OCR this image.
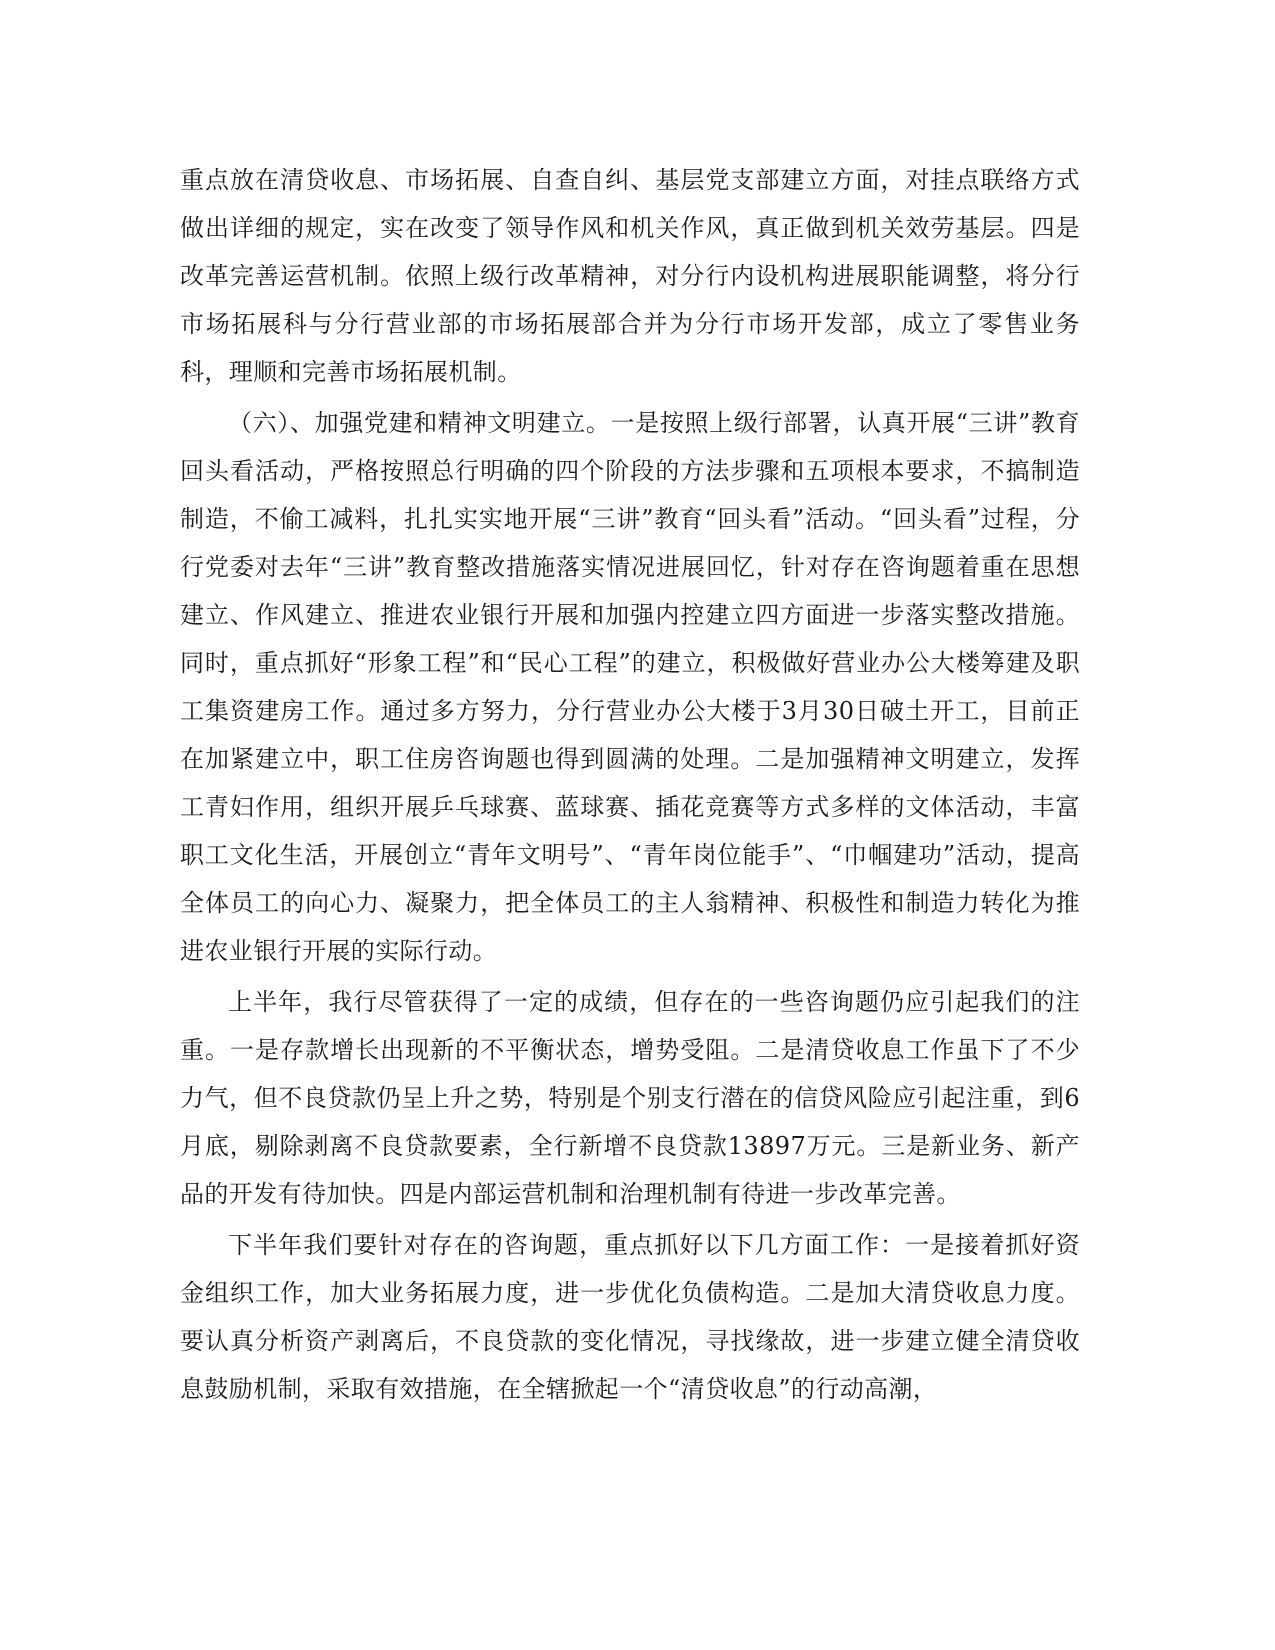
重点放在清贷收息、市场拓展、自查自纠、基层党支部建立方面，对挂点联络方式做出详细的规定，实在改变了领导作风和机关作风，真正做到机关效劳基层。四是改革完善运营机制。依照上级行改革精神，对分行内设机构进展职能调整，将分行市场拓展科与分行营业部的市场拓展部合并为分行市场开发部，成立了零售业务科，理顺和完善市场拓展机制。

（六）、加强党建和精神文明建立。一是按照上级行部署，认真开展“三讲”教育回头看活动，严格按照总行明确的四个阶段的方法步骤和五项根本要求，不搞制造制造，不偷工减料，扎扎实实地开展“三讲”教育“回头看”活动。“回头看”过程，分行党委对去年“三讲”教育整改措施落实情况进展回忆，针对存在咨询题着重在思想建立、作风建立、推进农业银行开展和加强内控建立四方面进一步落实整改措施。同时，重点抓好“形象工程”和“民心工程”的建立，积极做好营业办公大楼筹建及职工集资建房工作。通过多方努力，分行营业办公大楼于3月30日破土开工，目前正在加紧建立中，职工住房咨询题也得到圆满的处理。二是加强精神文明建立，发挥工青妇作用，组织开展乒乓球赛、蓝球赛、插花竞赛等方式多样的文体活动，丰富职工文化生活，开展创立“青年文明号”、“青年岗位能手”、“巾帼建功”活动，提高全体员工的向心力、凝聚力，把全体员工的主人翁精神、积极性和制造力转化为推进农业银行开展的实际行动。

上半年，我行尽管获得了一定的成绩，但存在的一些咨询题仍应引起我们的注重。一是存款增长出现新的不平衡状态，增势受阻。二是清贷收息工作虽下了不少力气，但不良贷款仍呈上升之势，特别是个别支行潜在的信贷风险应引起注重，到6月底，剔除剥离不良贷款要素，全行新增不良贷款13897万元。三是新业务、新产品的开发有待加快。四是内部运营机制和治理机制有待进一步改革完善。

下半年我们要针对存在的咨询题，重点抓好以下几方面工作：一是接着抓好资金组织工作，加大业务拓展力度，进一步优化负债构造。二是加大清贷收息力度。要认真分析资产剥离后，不良贷款的变化情况，寻找缘故，进一步建立健全清贷收息鼓励机制，采取有效措施，在全辖掀起一个“清贷收息”的行动高潮，
